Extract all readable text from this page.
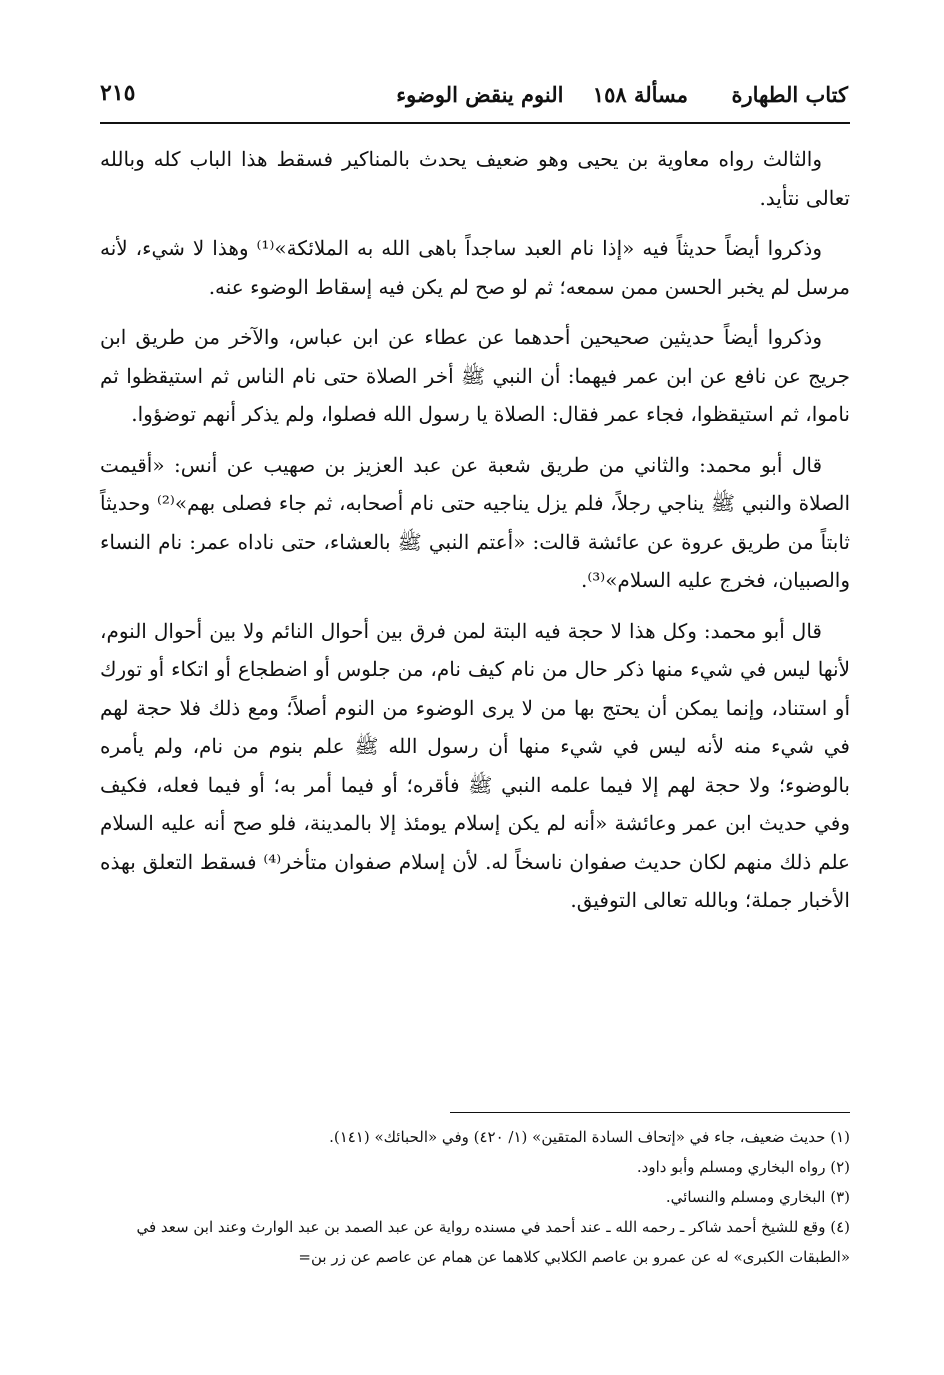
كتاب الطهارة
مسألة ١٥٨ النوم ينقض الوضوء
٢١٥

والثالث رواه معاوية بن يحيى وهو ضعيف يحدث بالمناكير فسقط هذا الباب كله وبالله تعالى نتأيد.

وذكروا أيضاً حديثاً فيه «إذا نام العبد ساجداً باهى الله به الملائكة»⁽¹⁾ وهذا لا شيء، لأنه مرسل لم يخبر الحسن ممن سمعه؛ ثم لو صح لم يكن فيه إسقاط الوضوء عنه.

وذكروا أيضاً حديثين صحيحين أحدهما عن عطاء عن ابن عباس، والآخر من طريق ابن جريج عن نافع عن ابن عمر فيهما: أن النبي ﷺ أخر الصلاة حتى نام الناس ثم استيقظوا ثم ناموا، ثم استيقظوا، فجاء عمر فقال: الصلاة يا رسول الله فصلوا، ولم يذكر أنهم توضؤوا.

قال أبو محمد: والثاني من طريق شعبة عن عبد العزيز بن صهيب عن أنس: «أقيمت الصلاة والنبي ﷺ يناجي رجلاً، فلم يزل يناجيه حتى نام أصحابه، ثم جاء فصلى بهم»⁽²⁾ وحديثاً ثابتاً من طريق عروة عن عائشة قالت: «أعتم النبي ﷺ بالعشاء، حتى ناداه عمر: نام النساء والصبيان، فخرج عليه السلام»⁽³⁾.

قال أبو محمد: وكل هذا لا حجة فيه البتة لمن فرق بين أحوال النائم ولا بين أحوال النوم، لأنها ليس في شيء منها ذكر حال من نام كيف نام، من جلوس أو اضطجاع أو اتكاء أو تورك أو استناد، وإنما يمكن أن يحتج بها من لا يرى الوضوء من النوم أصلاً؛ ومع ذلك فلا حجة لهم في شيء منه لأنه ليس في شيء منها أن رسول الله ﷺ علم بنوم من نام، ولم يأمره بالوضوء؛ ولا حجة لهم إلا فيما علمه النبي ﷺ فأقره؛ أو فيما أمر به؛ أو فيما فعله، فكيف وفي حديث ابن عمر وعائشة «أنه لم يكن إسلام يومئذ إلا بالمدينة، فلو صح أنه عليه السلام علم ذلك منهم لكان حديث صفوان ناسخاً له. لأن إسلام صفوان متأخر⁽⁴⁾ فسقط التعلق بهذه الأخبار جملة؛ وبالله تعالى التوفيق.

(١) حديث ضعيف، جاء في «إتحاف السادة المتقين» (١/ ٤٢٠) وفي «الحبائك» (١٤١).
(٢) رواه البخاري ومسلم وأبو داود.
(٣) البخاري ومسلم والنسائي.
(٤) وقع للشيخ أحمد شاكر ـ رحمه الله ـ عند أحمد في مسنده رواية عن عبد الصمد بن عبد الوارث وعند ابن سعد في «الطبقات الكبرى» له عن عمرو بن عاصم الكلابي كلاهما عن همام عن عاصم عن زر بن=
